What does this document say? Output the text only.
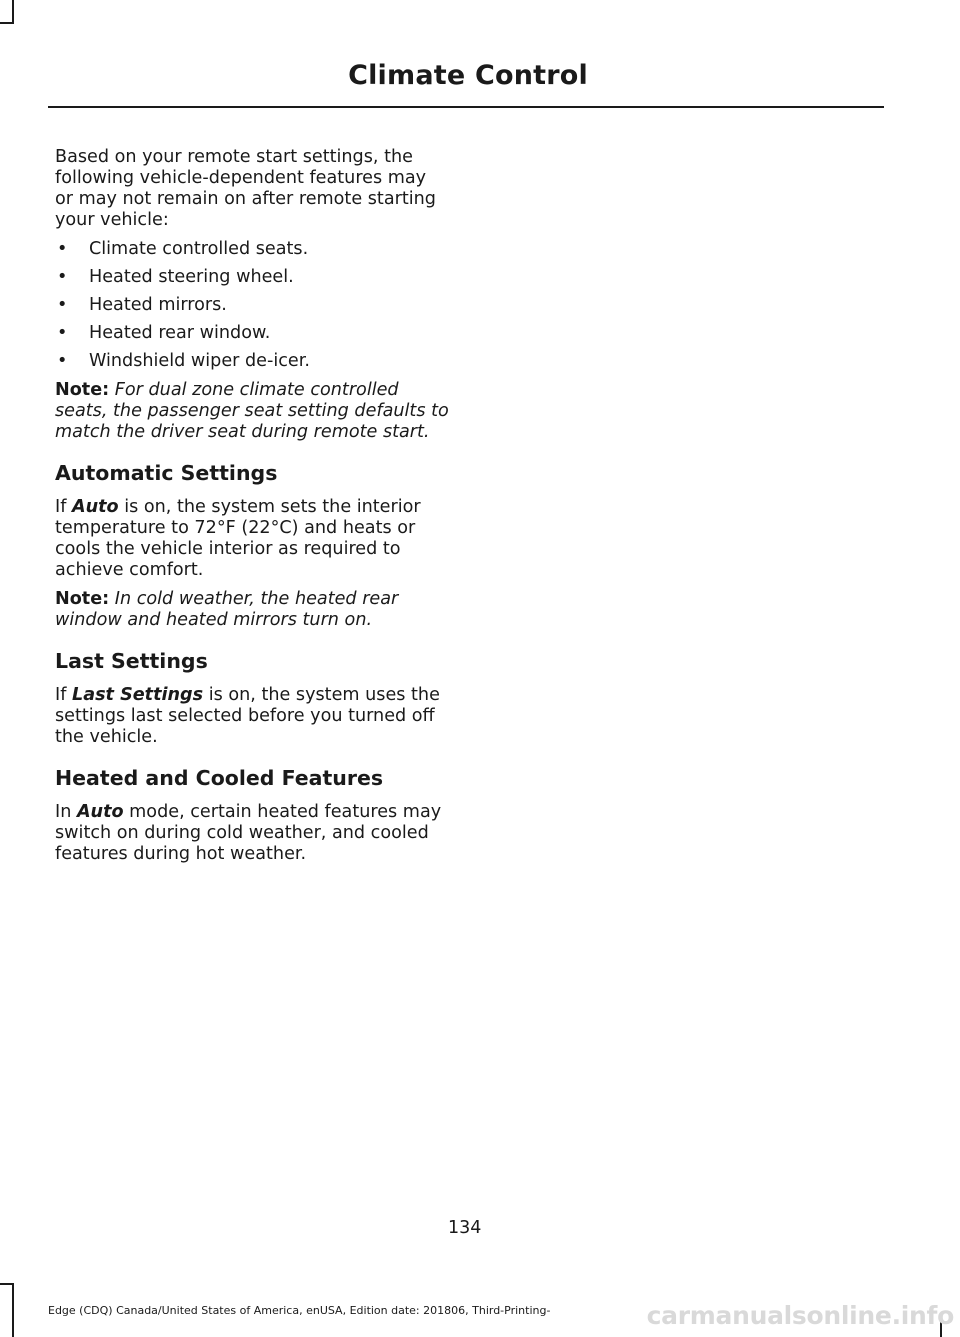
Climate Control

Based on your remote start settings, the following vehicle-dependent features may or may not remain on after remote starting your vehicle:

• Climate controlled seats.
• Heated steering wheel.
• Heated mirrors.
• Heated rear window.
• Windshield wiper de-icer.

Note: For dual zone climate controlled seats, the passenger seat setting defaults to match the driver seat during remote start.

Automatic Settings

If Auto is on, the system sets the interior temperature to 72°F (22°C) and heats or cools the vehicle interior as required to achieve comfort.

Note: In cold weather, the heated rear window and heated mirrors turn on.

Last Settings

If Last Settings is on, the system uses the settings last selected before you turned off the vehicle.

Heated and Cooled Features

In Auto mode, certain heated features may switch on during cold weather, and cooled features during hot weather.

134
Edge (CDQ) Canada/United States of America, enUSA, Edition date: 201806, Third-Printing-	carmanualsonline.info
